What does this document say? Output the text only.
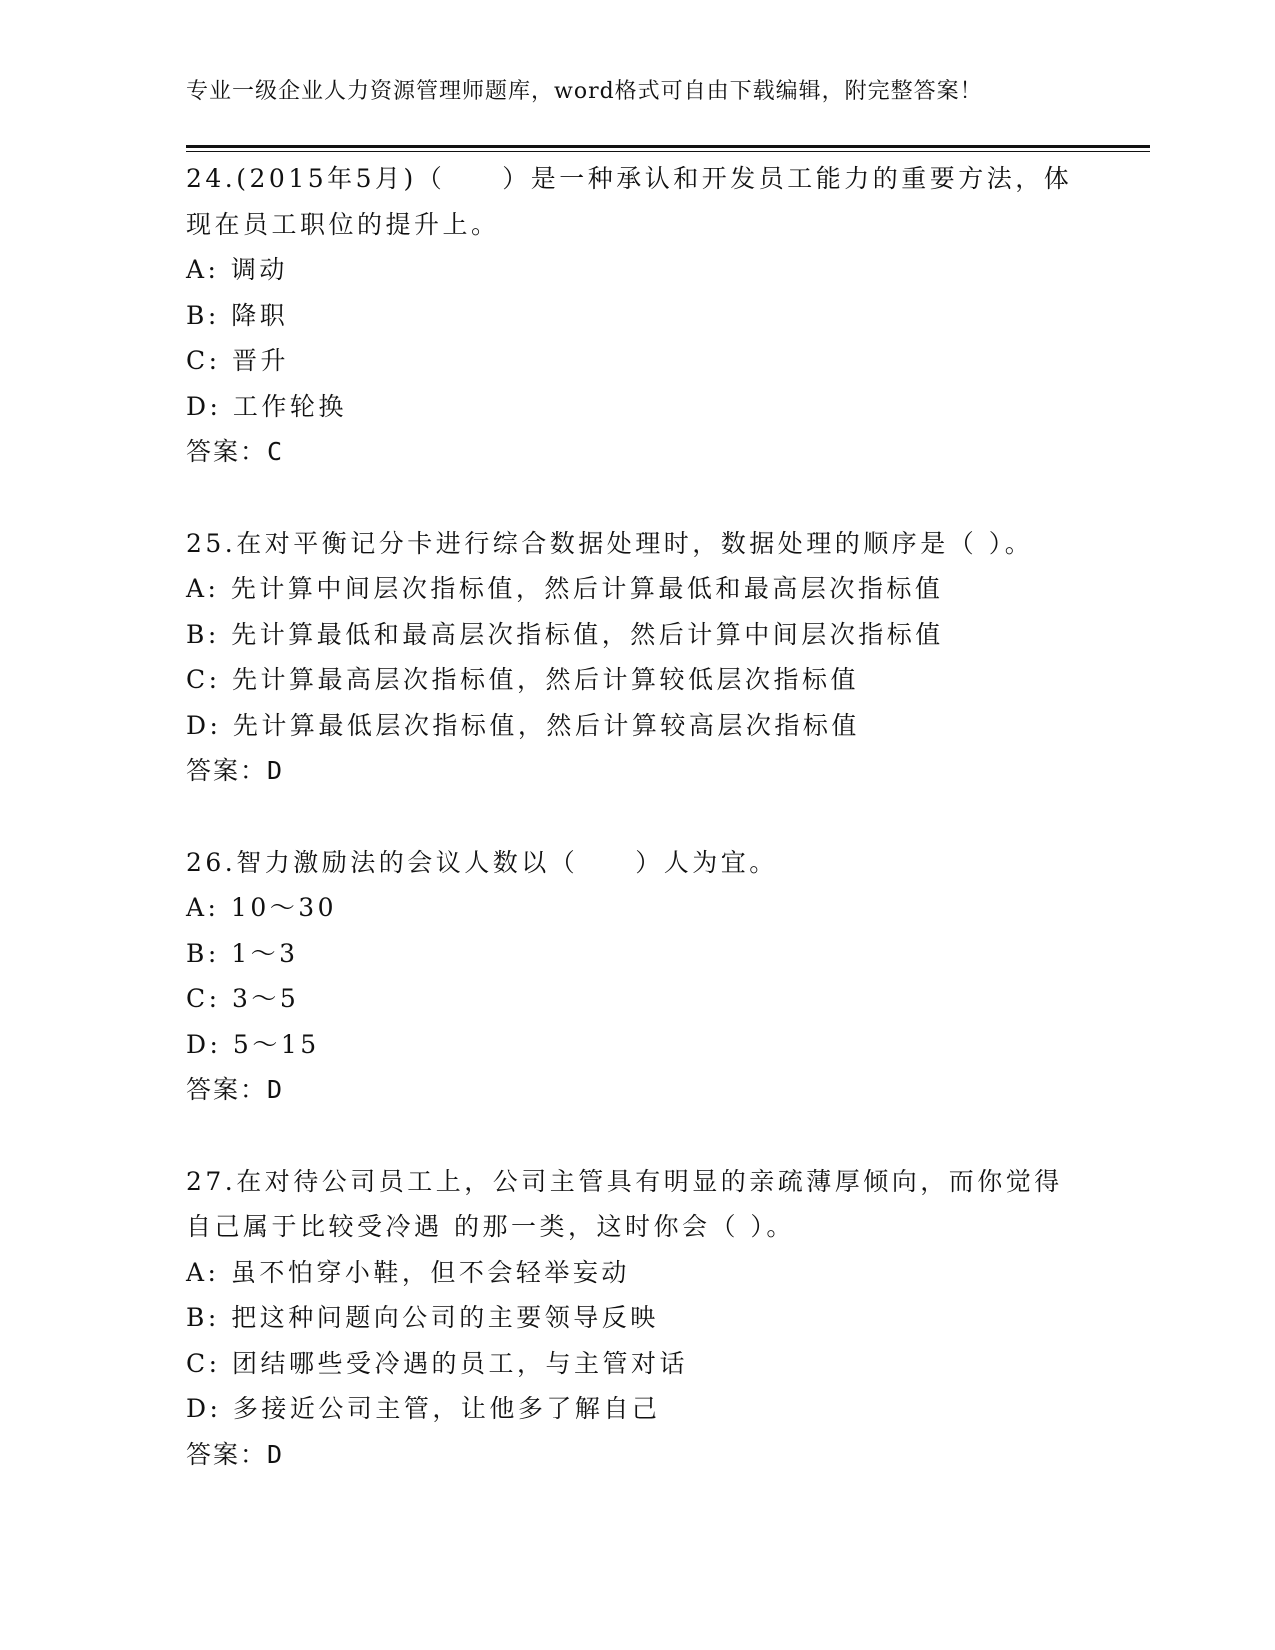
专业一级企业人力资源管理师题库，word格式可自由下载编辑，附完整答案！
24.(2015年5月)（　　）是一种承认和开发员工能力的重要方法，体
现在员工职位的提升上。
A: 调动
B: 降职
C: 晋升
D: 工作轮换
答案：C
25.在对平衡记分卡进行综合数据处理时，数据处理的顺序是（ ）。
A: 先计算中间层次指标值，然后计算最低和最高层次指标值
B: 先计算最低和最高层次指标值，然后计算中间层次指标值
C: 先计算最高层次指标值，然后计算较低层次指标值
D: 先计算最低层次指标值，然后计算较高层次指标值
答案：D
26.智力激励法的会议人数以（　　）人为宜。
A: 10～30
B: 1～3
C: 3～5
D: 5～15
答案：D
27.在对待公司员工上，公司主管具有明显的亲疏薄厚倾向，而你觉得
自己属于比较受冷遇 的那一类，这时你会（ ）。
A: 虽不怕穿小鞋，但不会轻举妄动
B: 把这种问题向公司的主要领导反映
C: 团结哪些受冷遇的员工，与主管对话
D: 多接近公司主管，让他多了解自己
答案：D
